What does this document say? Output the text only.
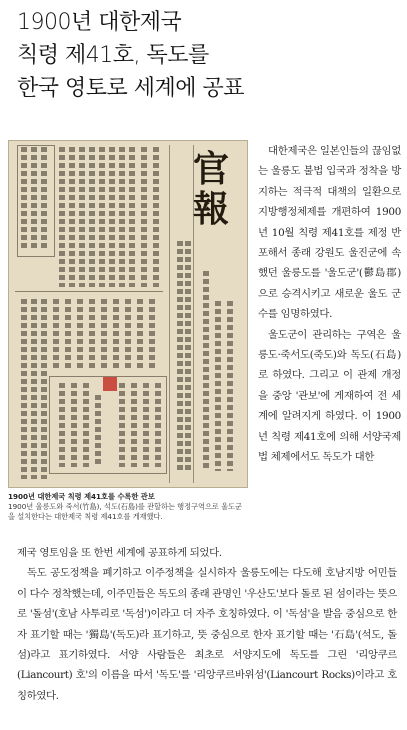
1900년 대한제국
칙령 제41호, 독도를
한국 영토로 세계에 공표
官報
1900년 대한제국 칙령 제41호를 수록한 관보
1900년 울릉도와 죽서(竹島), 석도(石島)를 관할하는 행정구역으로 울도군을 설치한다는 대한제국 칙령 제41호를 게재했다.

대한제국은 일본인들의 끊임없는 울릉도 불법 입국과 정착을 방지하는 적극적 대책의 일환으로 지방행정체제를 개편하여 1900년 10월 칙령 제41호를 제정 반포해서 종래 강원도 울진군에 속했던 울릉도를 '울도군'(鬱島郡)으로 승격시키고 새로운 울도 군수를 임명하였다.

울도군이 관리하는 구역은 울릉도·죽서도(죽도)와 독도(石島)로 하였다. 그리고 이 관제 개정을 중앙 '관보'에 게재하여 전 세계에 알려지게 하였다. 이 1900년 칙령 제41호에 의해 서양국제법 체제에서도 독도가 대한

제국 영토임을 또 한번 세계에 공표하게 되었다.

독도 공도정책을 폐기하고 이주정책을 실시하자 울릉도에는 다도해 호남지방 어민들이 다수 정착했는데, 이주민들은 독도의 종래 관명인 '우산도'보다 돌로 된 섬이라는 뜻으로 '돌섬'(호남 사투리로 '독섬')이라고 더 자주 호칭하였다. 이 '독섬'을 발음 중심으로 한자 표기할 때는 '獨島'(독도)라 표기하고, 뜻 중심으로 한자 표기할 때는 '石島'(석도, 돌섬)라고 표기하였다. 서양 사람들은 최초로 서양지도에 독도를 그린 '리앙쿠르(Liancourt) 호'의 이름을 따서 '독도'를 '리앙쿠르바위섬'(Liancourt Rocks)이라고 호칭하였다.
